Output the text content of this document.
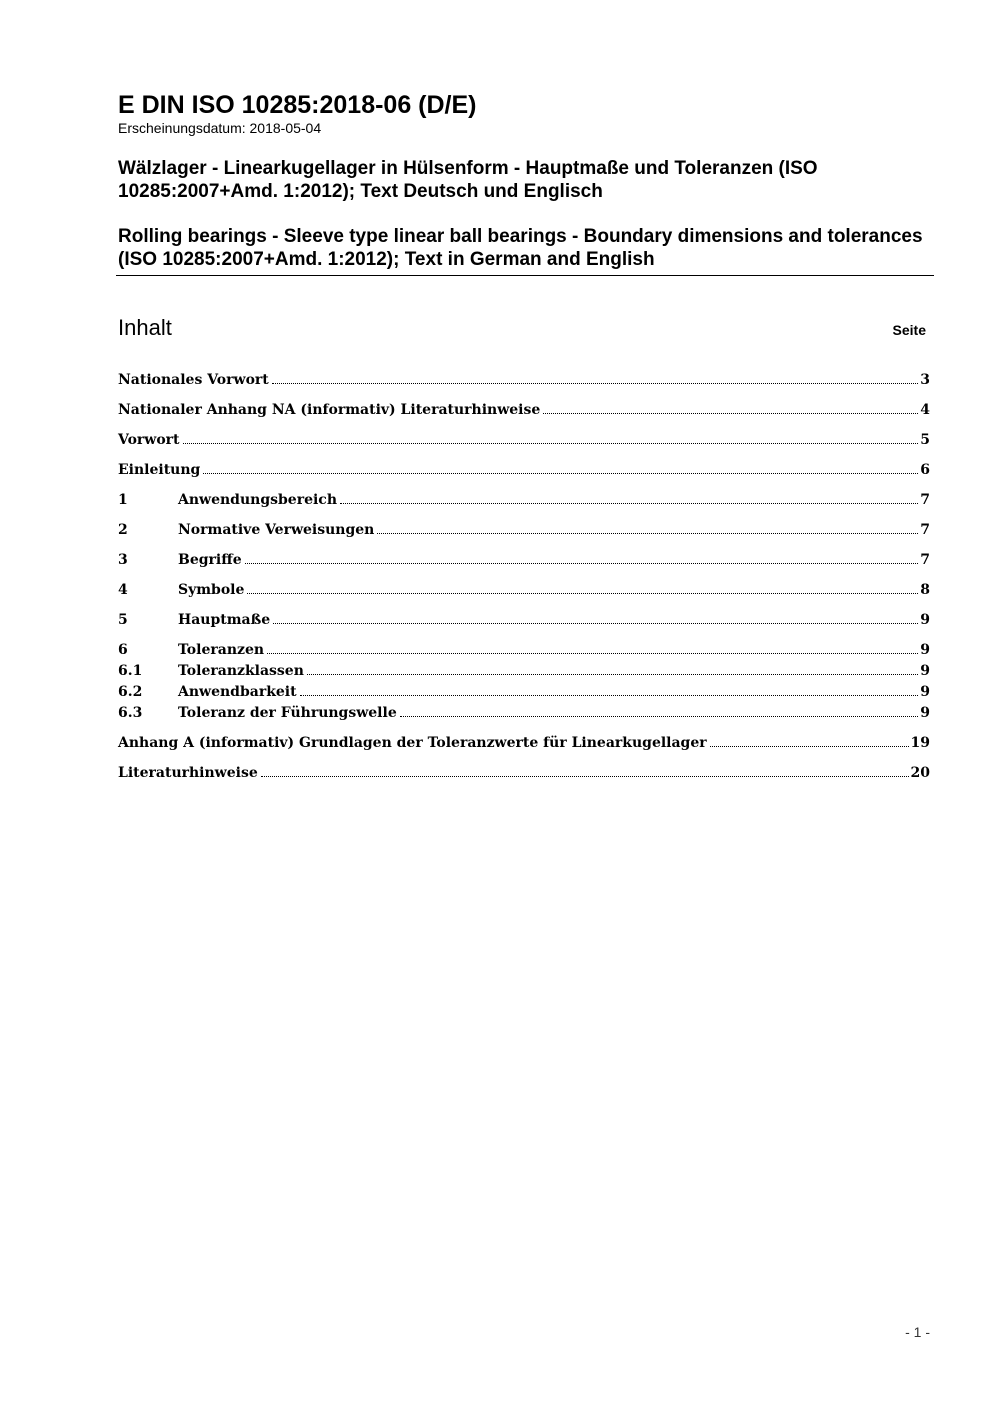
E DIN ISO 10285:2018-06 (D/E)
Erscheinungsdatum: 2018-05-04
Wälzlager - Linearkugellager in Hülsenform - Hauptmaße und Toleranzen (ISO 10285:2007+Amd. 1:2012); Text Deutsch und Englisch
Rolling bearings - Sleeve type linear ball bearings - Boundary dimensions and tolerances (ISO 10285:2007+Amd. 1:2012); Text in German and English
Inhalt	Seite
Nationales Vorwort	3
Nationaler Anhang NA (informativ) Literaturhinweise	4
Vorwort	5
Einleitung	6
1	Anwendungsbereich	7
2	Normative Verweisungen	7
3	Begriffe	7
4	Symbole	8
5	Hauptmaße	9
6	Toleranzen	9
6.1	Toleranzklassen	9
6.2	Anwendbarkeit	9
6.3	Toleranz der Führungswelle	9
Anhang A (informativ) Grundlagen der Toleranzwerte für Linearkugellager	19
Literaturhinweise	20
- 1 -
